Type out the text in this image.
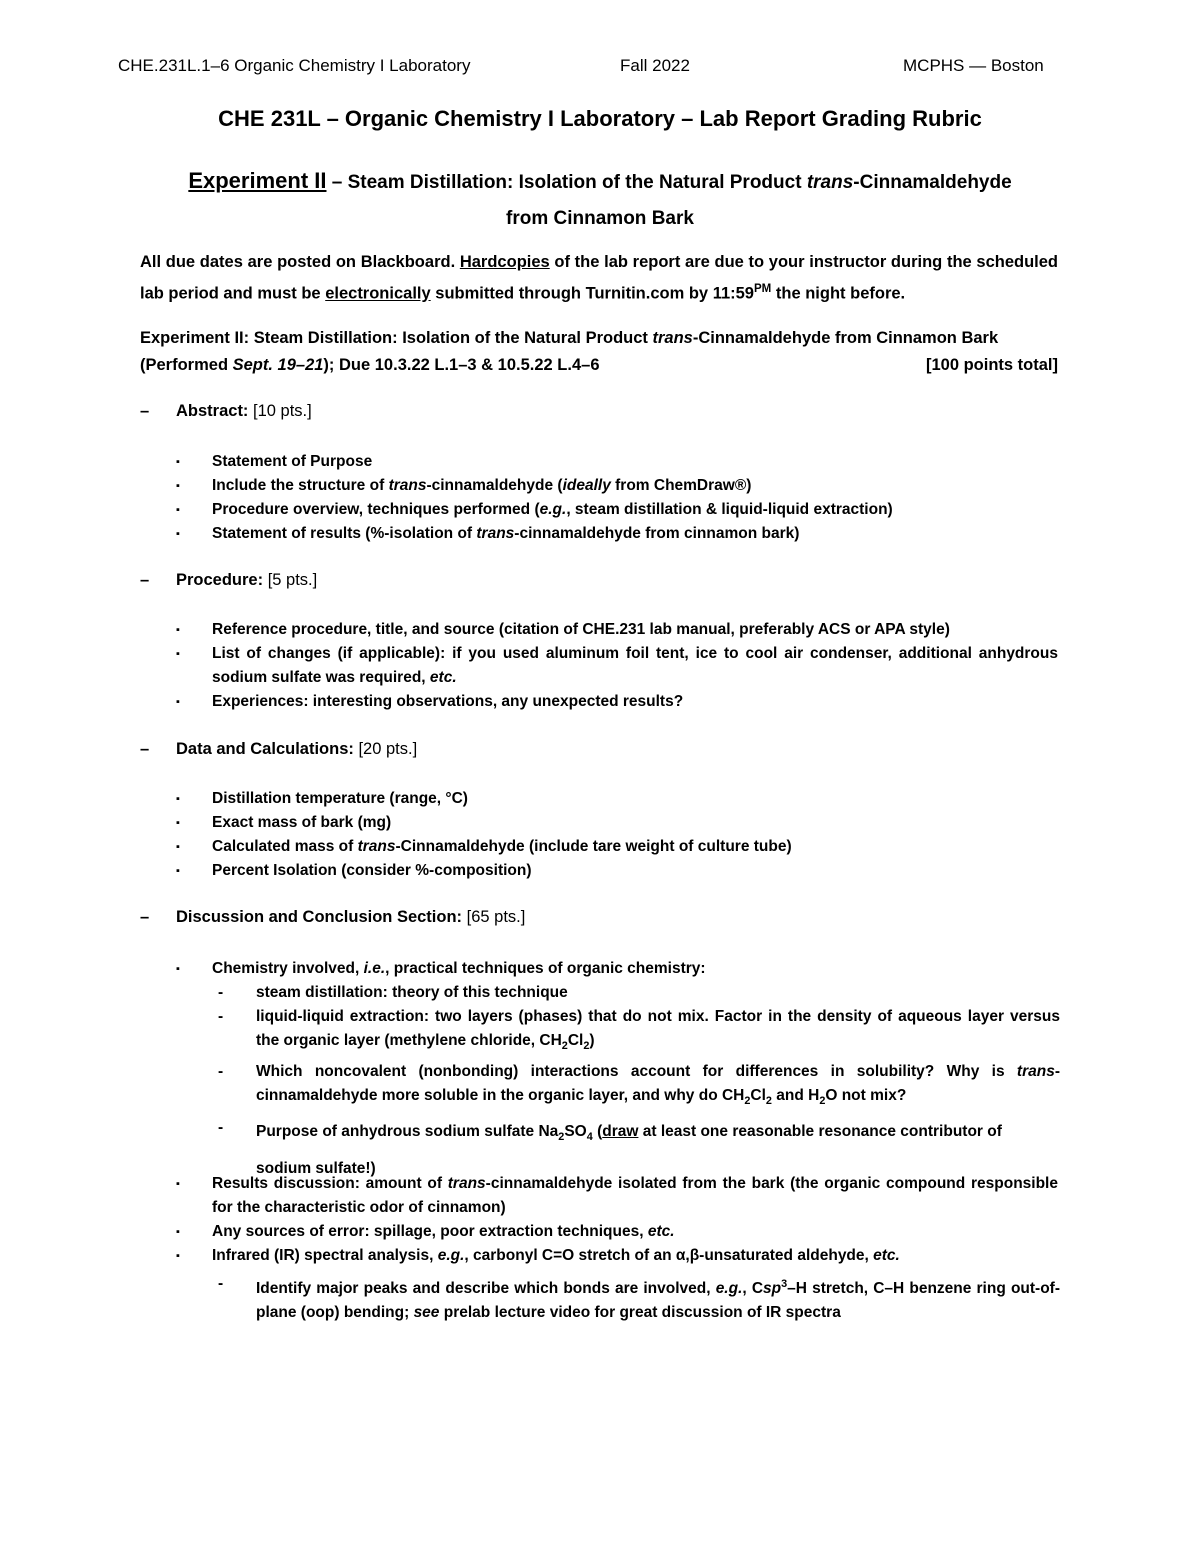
CHE.231L.1–6 Organic Chemistry I Laboratory	Fall 2022	MCPHS — Boston
CHE 231L – Organic Chemistry I Laboratory – Lab Report Grading Rubric
Experiment II – Steam Distillation: Isolation of the Natural Product trans-Cinnamaldehyde
from Cinnamon Bark
All due dates are posted on Blackboard. Hardcopies of the lab report are due to your instructor during the scheduled lab period and must be electronically submitted through Turnitin.com by $11:59^{PM}$ the night before.
Experiment II: Steam Distillation: Isolation of the Natural Product trans-Cinnamaldehyde from Cinnamon Bark
(Performed Sept. 19–21); Due 10.3.22 L.1–3 & 10.5.22 L.4–6	[100 points total]
– Abstract: [10 pts.]
▪	Statement of Purpose
▪	Include the structure of trans-cinnamaldehyde (ideally from ChemDraw®)
▪	Procedure overview, techniques performed (e.g., steam distillation & liquid-liquid extraction)
▪	Statement of results (%-isolation of trans-cinnamaldehyde from cinnamon bark)
– Procedure: [5 pts.]
▪	Reference procedure, title, and source (citation of CHE.231 lab manual, preferably ACS or APA style)
▪	List of changes (if applicable): if you used aluminum foil tent, ice to cool air condenser, additional anhydrous sodium sulfate was required, etc.
▪	Experiences: interesting observations, any unexpected results?
– Data and Calculations: [20 pts.]
▪	Distillation temperature (range, °C)
▪	Exact mass of bark (mg)
▪	Calculated mass of trans-Cinnamaldehyde (include tare weight of culture tube)
▪	Percent Isolation (consider %-composition)
– Discussion and Conclusion Section: [65 pts.]
▪	Chemistry involved, i.e., practical techniques of organic chemistry:
- steam distillation: theory of this technique
- liquid-liquid extraction: two layers (phases) that do not mix. Factor in the density of aqueous layer versus the organic layer (methylene chloride, $CH_2Cl_2$)
- Which noncovalent (nonbonding) interactions account for differences in solubility? Why is trans-cinnamaldehyde more soluble in the organic layer, and why do $CH_2Cl_2$ and $H_2O$ not mix?
- Purpose of anhydrous sodium sulfate $Na_2SO_4$ (draw at least one reasonable resonance contributor of sodium sulfate!)
▪	Results discussion: amount of trans-cinnamaldehyde isolated from the bark (the organic compound responsible for the characteristic odor of cinnamon)
▪	Any sources of error: spillage, poor extraction techniques, etc.
▪	Infrared (IR) spectral analysis, e.g., carbonyl C=O stretch of an α,β-unsaturated aldehyde, etc.
- Identify major peaks and describe which bonds are involved, e.g., Csp$^3$–H stretch, C–H benzene ring out-of-plane (oop) bending; see prelab lecture video for great discussion of IR spectra
